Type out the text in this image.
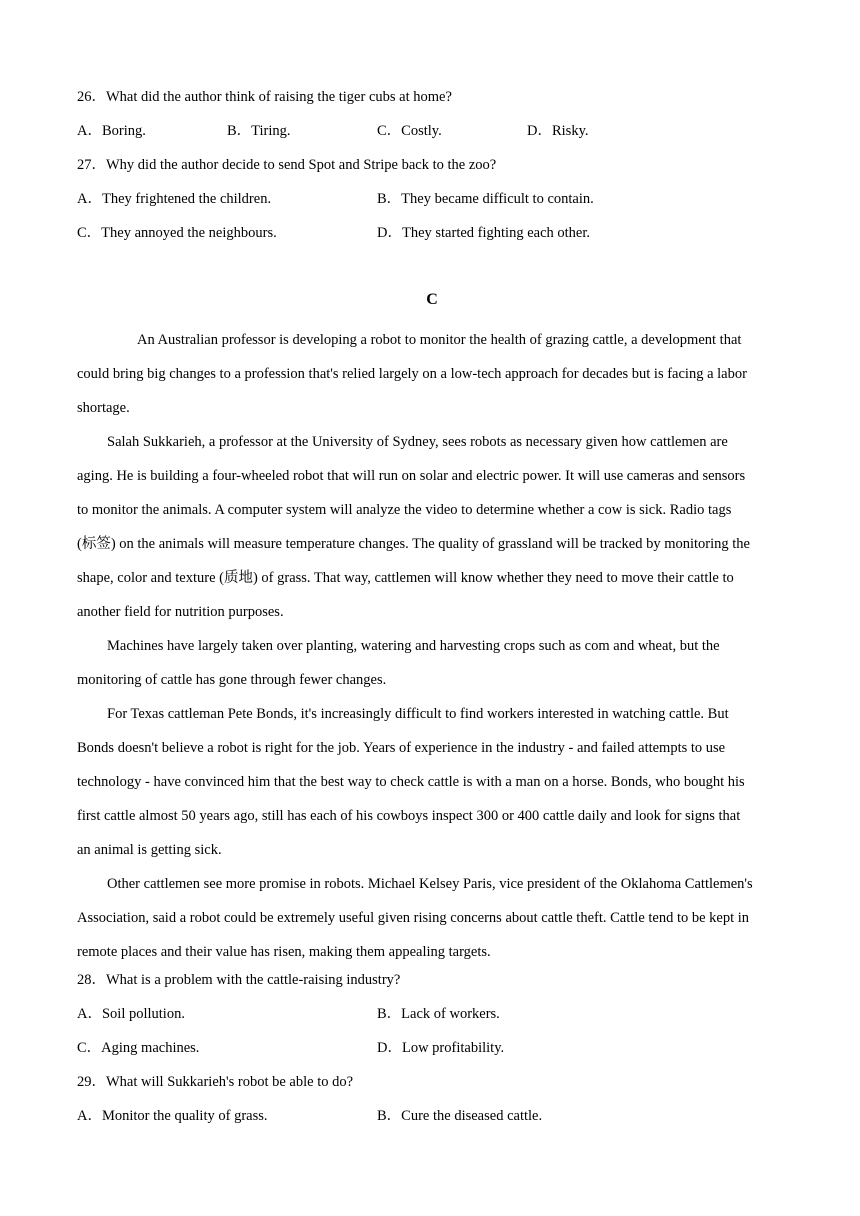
26．What did the author think of raising the tiger cubs at home?
A．Boring.	B．Tiring.	C．Costly.	D．Risky.
27．Why did the author decide to send Spot and Stripe back to the zoo?
A．They frightened the children.	B．They became difficult to contain.
C．They annoyed the neighbours.	D．They started fighting each other.
C
An Australian professor is developing a robot to monitor the health of grazing cattle, a development that
could bring big changes to a profession that's relied largely on a low-tech approach for decades but is facing a labor
shortage.
Salah Sukkarieh, a professor at the University of Sydney, sees robots as necessary given how cattlemen are
aging. He is building a four-wheeled robot that will run on solar and electric power. It will use cameras and sensors
to monitor the animals. A computer system will analyze the video to determine whether a cow is sick. Radio tags
(标签) on the animals will measure temperature changes. The quality of grassland will be tracked by monitoring the
shape, color and texture (质地) of grass. That way, cattlemen will know whether they need to move their cattle to
another field for nutrition purposes.
Machines have largely taken over planting, watering and harvesting crops such as com and wheat, but the
monitoring of cattle has gone through fewer changes.
For Texas cattleman Pete Bonds, it's increasingly difficult to find workers interested in watching cattle. But
Bonds doesn't believe a robot is right for the job. Years of experience in the industry - and failed attempts to use
technology - have convinced him that the best way to check cattle is with a man on a horse. Bonds, who bought his
first cattle almost 50 years ago, still has each of his cowboys inspect 300 or 400 cattle daily and look for signs that
an animal is getting sick.
Other cattlemen see more promise in robots. Michael Kelsey Paris, vice president of the Oklahoma Cattlemen's
Association, said a robot could be extremely useful given rising concerns about cattle theft. Cattle tend to be kept in
remote places and their value has risen, making them appealing targets.
28．What is a problem with the cattle-raising industry?
A．Soil pollution.	B．Lack of workers.
C．Aging machines.	D．Low profitability.
29．What will Sukkarieh's robot be able to do?
A．Monitor the quality of grass.	B．Cure the diseased cattle.
